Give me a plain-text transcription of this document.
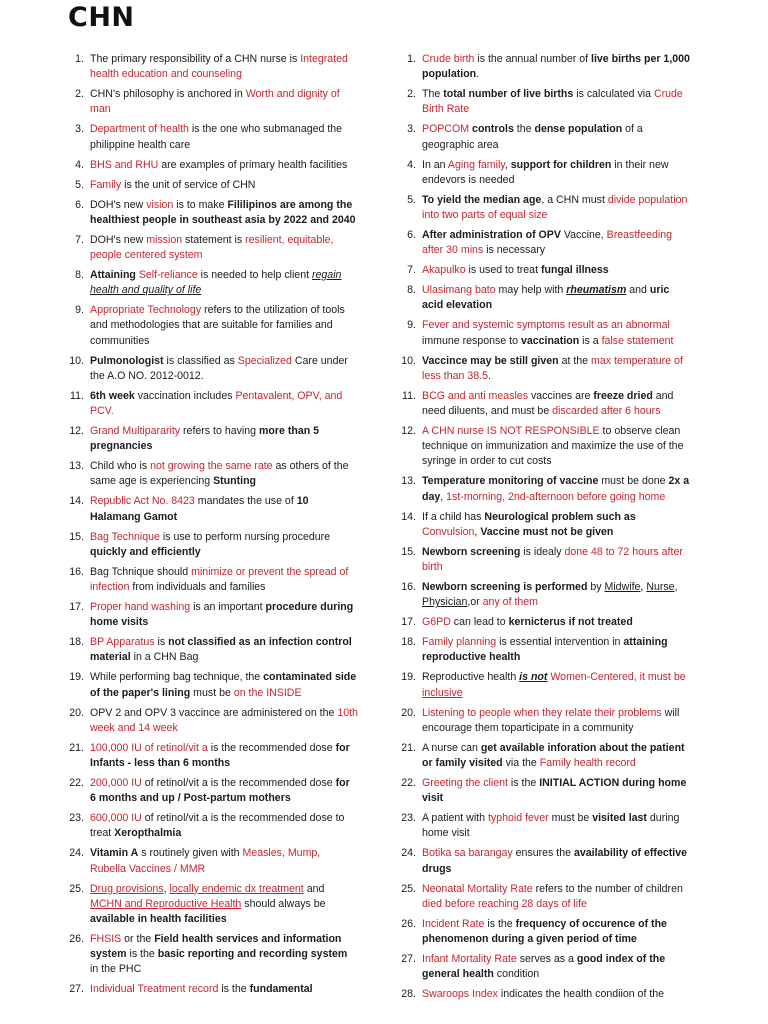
CHN
1. The primary responsibility of a CHN nurse is Integrated health education and counseling
2. CHN's philosophy is anchored in Worth and dignity of man
3. Department of health is the one who submanaged the philippine health care
4. BHS and RHU are examples of primary health facilities
5. Family is the unit of service of CHN
6. DOH's new vision is to make Fililipinos are among the healthiest people in southeast asia by 2022 and 2040
7. DOH's new mission statement is resilient, equitable, people centered system
8. Attaining Self-reliance is needed to help client regain health and quality of life
9. Appropriate Technology refers to the utilization of tools and methodologies that are suitable for families and communities
10. Pulmonologist is classified as Specialized Care under the A.O NO. 2012-0012.
11. 6th week vaccination includes Pentavalent, OPV, and PCV.
12. Grand Multipararity refers to having more than 5 pregnancies
13. Child who is not growing the same rate as others of the same age is experiencing Stunting
14. Republic Act No. 8423 mandates the use of 10 Halamang Gamot
15. Bag Technique is use to perform nursing procedure quickly and efficiently
16. Bag Tchnique should minimize or prevent the spread of infection from individuals and families
17. Proper hand washing is an important procedure during home visits
18. BP Apparatus is not classified as an infection control material in a CHN Bag
19. While performing bag technique, the contaminated side of the paper's lining must be on the INSIDE
20. OPV 2 and OPV 3 vaccince are administered on the 10th week and 14 week
21. 100,000 IU of retinol/vit a is the recommended dose for Infants - less than 6 months
22. 200,000 IU of retinol/vit a is the recommended dose for 6 months and up / Post-partum mothers
23. 600,000 IU of retinol/vit a is the recommended dose to treat Xeropthalmia
24. Vitamin A s routinely given with Measles, Mump, Rubella Vaccines / MMR
25. Drug provisions, locally endemic dx treatment and MCHN and Reproductive Health should always be available in health facilities
26. FHSIS or the Field health services and information system is the basic reporting and recording system in the PHC
27. Individual Treatment record is the fundamental
1. Crude birth is the annual number of live births per 1,000 population.
2. The total number of live births is calculated via Crude Birth Rate
3. POPCOM controls the dense population of a geographic area
4. In an Aging family, support for children in their new endevors is needed
5. To yield the median age, a CHN must divide population into two parts of equal size
6. After administration of OPV Vaccine, Breastfeeding after 30 mins is necessary
7. Akapulko is used to treat fungal illness
8. Ulasimang bato may help with rheumatism and uric acid elevation
9. Fever and systemic symptoms result as an abnormal immune response to vaccination is a false statement
10. Vaccince may be still given at the max temperature of less than 38.5.
11. BCG and anti measles vaccines are freeze dried and need diluents, and must be discarded after 6 hours
12. A CHN nurse IS NOT RESPONSIBLE to observe clean technique on immunization and maximize the use of the syringe in order to cut costs
13. Temperature monitoring of vaccine must be done 2x a day, 1st-morning, 2nd-afternoon before going home
14. If a child has Neurological problem such as Convulsion, Vaccine must not be given
15. Newborn screening is idealy done 48 to 72 hours after birth
16. Newborn screening is performed by Midwife, Nurse, Physician,or any of them
17. G6PD can lead to kernicterus if not treated
18. Family planning is essential intervention in attaining reproductive health
19. Reproductive health is not Women-Centered, it must be inclusive
20. Listening to people when they relate their problems will encourage them toparticipate in a community
21. A nurse can get available inforation about the patient or family visited via the Family health record
22. Greeting the client is the INITIAL ACTION during home visit
23. A patient with typhoid fever must be visited last during home visit
24. Botika sa barangay ensures the availability of effective drugs
25. Neonatal Mortality Rate refers to the number of children died before reaching 28 days of life
26. Incident Rate is the frequency of occurence of the phenomenon during a given period of time
27. Infant Mortality Rate serves as a good index of the general health condition
28. Swaroops Index indicates the health condiion of the
